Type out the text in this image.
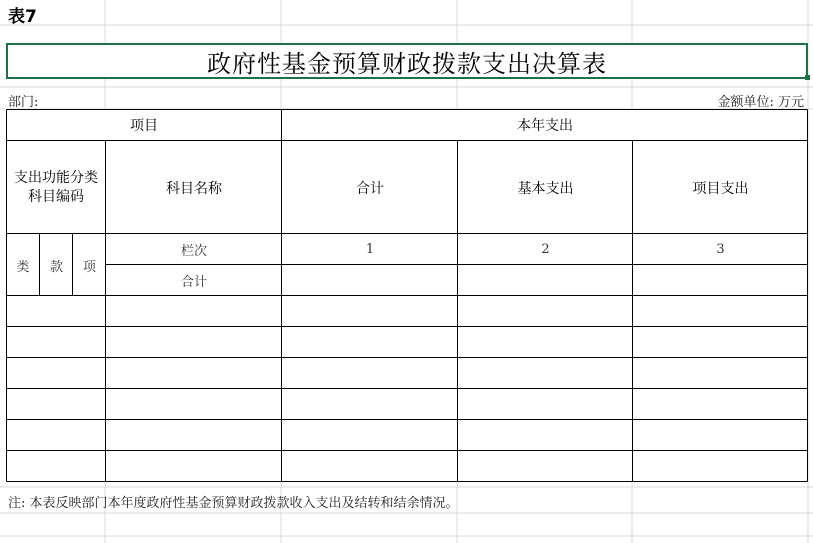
表7
政府性基金预算财政拨款支出决算表
部门:	金额单位: 万元
项目	本年支出
支出功能分类科目编码	科目名称	合计	基本支出	项目支出
类	款	项
栏次	1	2	3
合计
注: 本表反映部门本年度政府性基金预算财政拨款收入支出及结转和结余情况。
